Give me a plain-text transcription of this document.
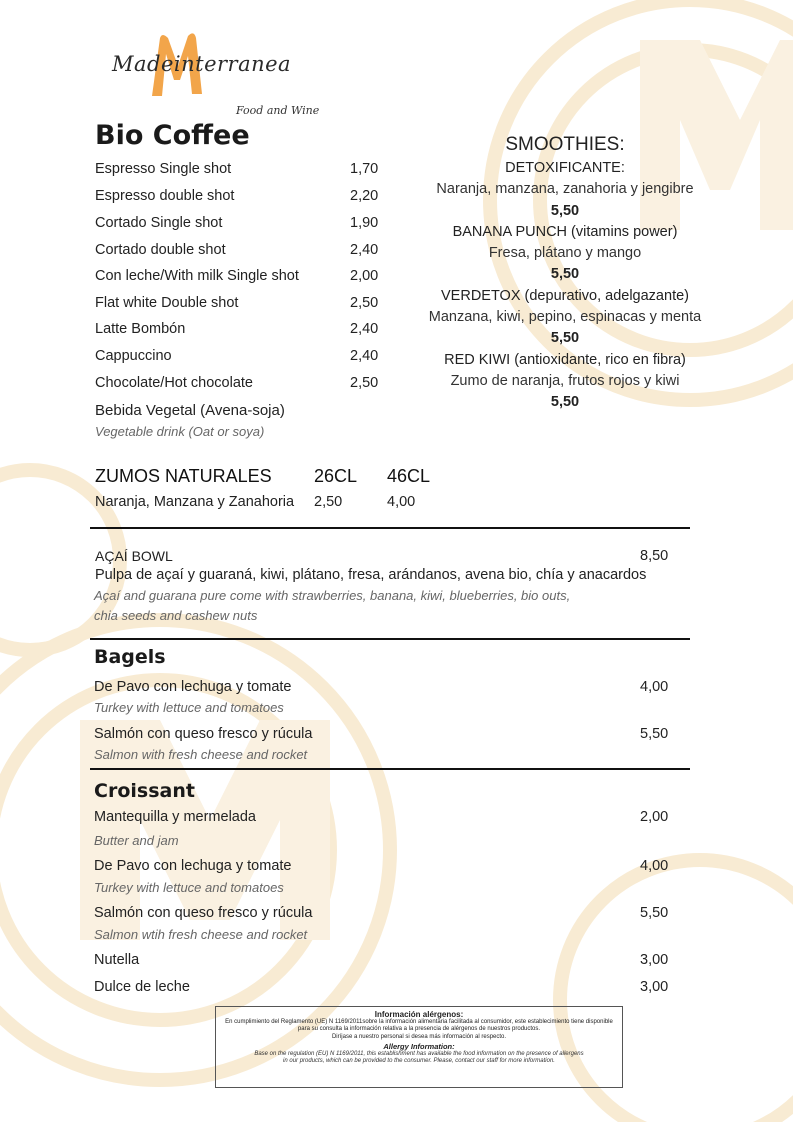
Madeinterranea
Food and Wine
Bio Coffee
Espresso Single shot	1,70
Espresso double shot	2,20
Cortado Single shot	1,90
Cortado double shot	2,40
Con leche/With milk Single shot	2,00
Flat white Double shot	2,50
Latte Bombón	2,40
Cappuccino	2,40
Chocolate/Hot chocolate	2,50
Bebida Vegetal (Avena-soja)
Vegetable drink (Oat or soya)
SMOOTHIES:
DETOXIFICANTE:
Naranja, manzana, zanahoria y jengibre
5,50
BANANA PUNCH (vitamins power)
Fresa, plátano y mango
5,50
VERDETOX (depurativo, adelgazante)
Manzana, kiwi, pepino, espinacas y menta
5,50
RED KIWI (antioxidante, rico en fibra)
Zumo de naranja, frutos rojos y kiwi
5,50
ZUMOS NATURALES 26CL 46CL
Naranja, Manzana y Zanahoria 2,50	4,00
AÇAÍ BOWL	8,50
Pulpa de açaí y guaraná, kiwi, plátano, fresa, arándanos, avena bio, chía y anacardos
Açaí and guarana pure come with strawberries, banana, kiwi, blueberries, bio outs,
chia seeds and cashew nuts
Bagels
De Pavo con lechuga y tomate	4,00
Turkey with lettuce and tomatoes
Salmón con queso fresco y rúcula	5,50
Salmon with fresh cheese and rocket
Croissant
Mantequilla y mermelada	2,00
Butter and jam
De Pavo con lechuga y tomate	4,00
Turkey with lettuce and tomatoes
Salmón con queso fresco y rúcula	5,50
Salmon wtih fresh cheese and rocket
Nutella	3,00
Dulce de leche	3,00
Información alérgenos:
En cumplimiento del Reglamento (UE) N 1169/2011sobre la información alimentaria facilitada al consumidor, este establecimiento tiene disponible
para su consulta la información relativa a la presencia de alérgenos de nuestros productos.
Diríjase a nuestro personal si desea más información al respecto.
Allergy Information:
Base on the regulation (EU) N 1169/2011, this establishment has available the food information on the presence of allergens
in our products, which can be provided to the consumer. Please, contact our staff for more information.
